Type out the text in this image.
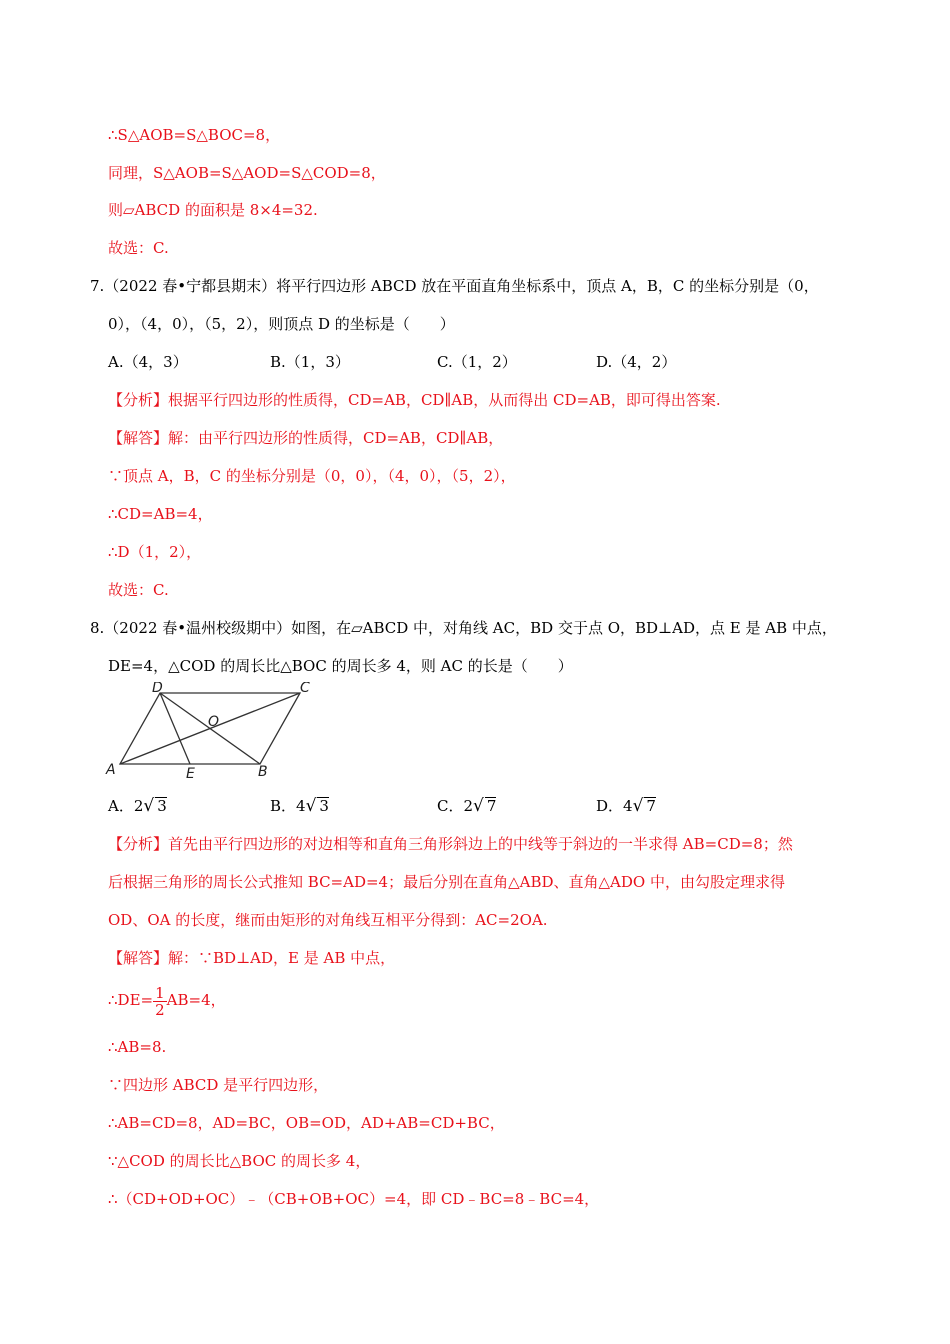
∴S△AOB=S△BOC=8，
同理，S△AOB=S△AOD=S△COD=8，
则▱ABCD 的面积是 8×4=32.
故选：C.
7.（2022 春•宁都县期末）将平行四边形 ABCD 放在平面直角坐标系中，顶点 A，B，C 的坐标分别是（0，
0），（4，0），（5，2），则顶点 D 的坐标是（　　）
A.（4，3）	B.（1，3）	C.（1，2）	D.（4，2）
【分析】根据平行四边形的性质得，CD=AB，CD∥AB，从而得出 CD=AB，即可得出答案.
【解答】解：由平行四边形的性质得，CD=AB，CD∥AB，
∵顶点 A，B，C 的坐标分别是（0，0），（4，0），（5，2），
∴CD=AB=4，
∴D（1，2），
故选：C.
8.（2022 春•温州校级期中）如图，在▱ABCD 中，对角线 AC，BD 交于点 O，BD⊥AD，点 E 是 AB 中点，
DE=4，△COD 的周长比△BOC 的周长多 4，则 AC 的长是（　　）
D	C
O
A	E	B
A．2√ 3	B．4√ 3	C．2√ 7	D．4√ 7
【分析】首先由平行四边形的对边相等和直角三角形斜边上的中线等于斜边的一半求得 AB=CD=8；然
后根据三角形的周长公式推知 BC=AD=4；最后分别在直角△ABD、直角△ADO 中，由勾股定理求得
OD、OA 的长度，继而由矩形的对角线互相平分得到：AC=2OA.
【解答】解：∵BD⊥AD，E 是 AB 中点，
∴DE= $\frac{1}{2} AB=4$，
∴AB=8.
∵四边形 ABCD 是平行四边形，
∴AB=CD=8，AD=BC，OB=OD，AD+AB=CD+BC，
∵△COD 的周长比△BOC 的周长多 4，
∴（CD+OD+OC）﹣（CB+OB+OC）=4，即 CD﹣BC=8﹣BC=4，
